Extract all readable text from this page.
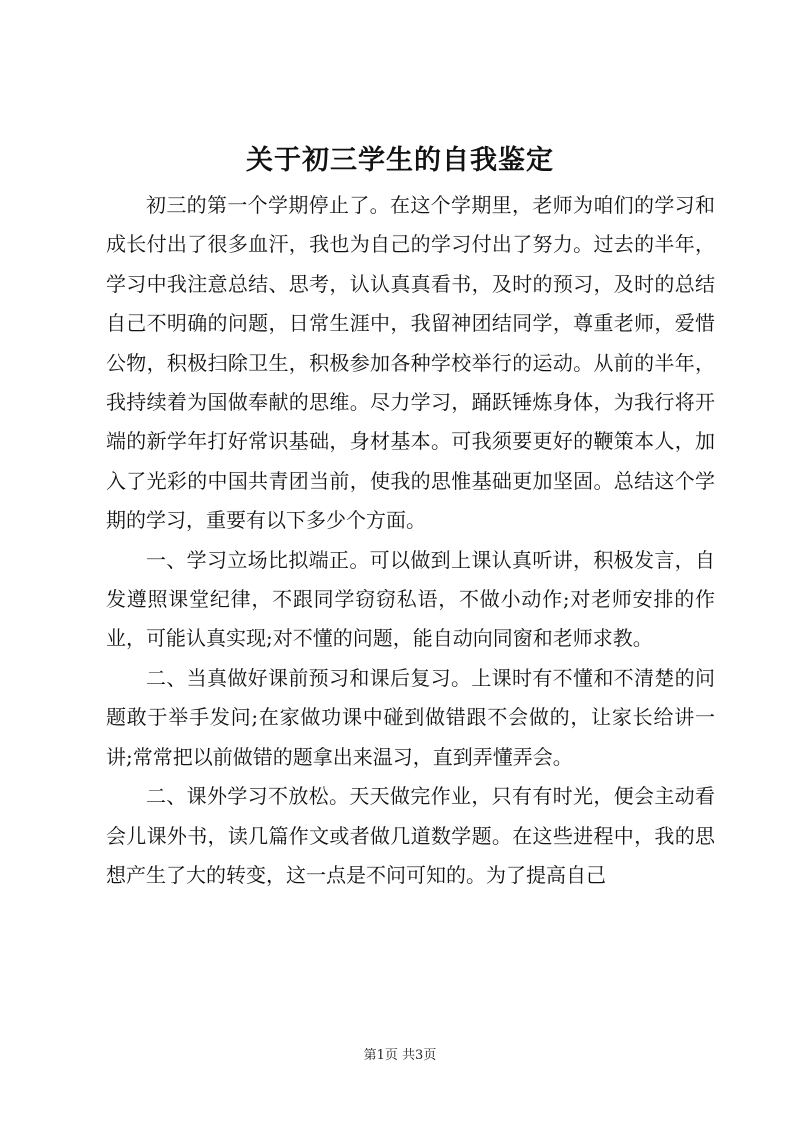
关于初三学生的自我鉴定

初三的第一个学期停止了。在这个学期里，老师为咱们的学习和成长付出了很多血汗，我也为自己的学习付出了努力。过去的半年，学习中我注意总结、思考，认认真真看书，及时的预习，及时的总结自己不明确的问题，日常生涯中，我留神团结同学，尊重老师，爱惜公物，积极扫除卫生，积极参加各种学校举行的运动。从前的半年，我持续着为国做奉献的思维。尽力学习，踊跃锤炼身体，为我行将开端的新学年打好常识基础，身材基本。可我须要更好的鞭策本人，加入了光彩的中国共青团当前，使我的思惟基础更加坚固。总结这个学期的学习，重要有以下多少个方面。

一、学习立场比拟端正。可以做到上课认真听讲，积极发言，自发遵照课堂纪律，不跟同学窃窃私语，不做小动作;对老师安排的作业，可能认真实现;对不懂的问题，能自动向同窗和老师求教。

二、当真做好课前预习和课后复习。上课时有不懂和不清楚的问题敢于举手发问;在家做功课中碰到做错跟不会做的，让家长给讲一讲;常常把以前做错的题拿出来温习，直到弄懂弄会。

二、课外学习不放松。天天做完作业，只有有时光，便会主动看会儿课外书，读几篇作文或者做几道数学题。在这些进程中，我的思想产生了大的转变，这一点是不问可知的。为了提高自己

第1页 共3页
